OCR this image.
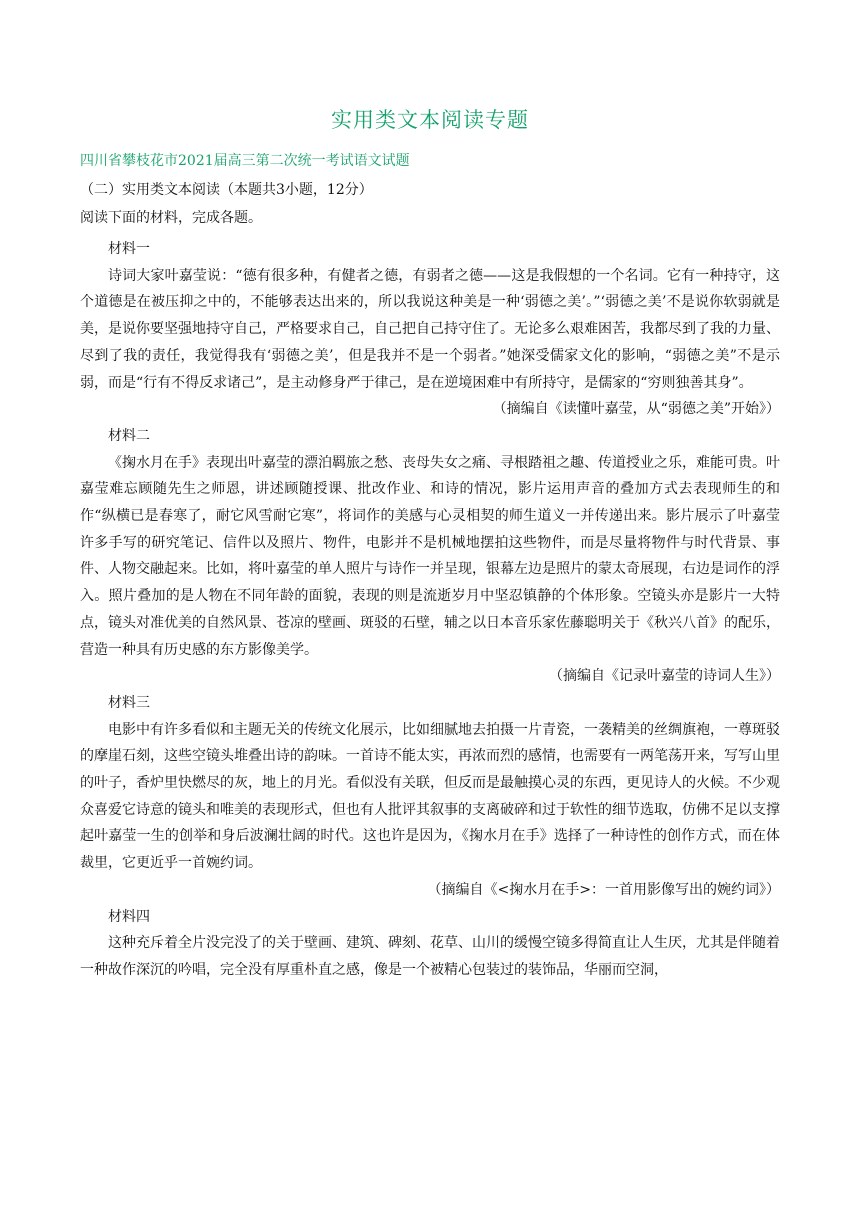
实用类文本阅读专题
四川省攀枝花市2021届高三第二次统一考试语文试题
（二）实用类文本阅读（本题共3小题，12分）
阅读下面的材料，完成各题。
材料一
诗词大家叶嘉莹说：“德有很多种，有健者之德，有弱者之德——这是我假想的一个名词。它有一种持守，这个道德是在被压抑之中的，不能够表达出来的，所以我说这种美是一种‘弱德之美’。”‘弱德之美’不是说你软弱就是美，是说你要坚强地持守自己，严格要求自己，自己把自己持守住了。无论多么艰难困苦，我都尽到了我的力量、尽到了我的责任，我觉得我有‘弱德之美’，但是我并不是一个弱者。”她深受儒家文化的影响，“弱德之美”不是示弱，而是“行有不得反求诸己”，是主动修身严于律己，是在逆境困难中有所持守，是儒家的“穷则独善其身”。
（摘编自《读懂叶嘉莹，从“弱德之美”开始》）
材料二
《掬水月在手》表现出叶嘉莹的漂泊羁旅之愁、丧母失女之痛、寻根踏祖之趣、传道授业之乐，难能可贵。叶嘉莹难忘顾随先生之师恩，讲述顾随授课、批改作业、和诗的情况，影片运用声音的叠加方式去表现师生的和作“纵横已是春寒了，耐它风雪耐它寒”，将词作的美感与心灵相契的师生道义一并传递出来。影片展示了叶嘉莹许多手写的研究笔记、信件以及照片、物件，电影并不是机械地摆拍这些物件，而是尽量将物件与时代背景、事件、人物交融起来。比如，将叶嘉莹的单人照片与诗作一并呈现，银幕左边是照片的蒙太奇展现，右边是词作的浮入。照片叠加的是人物在不同年龄的面貌，表现的则是流逝岁月中坚忍镇静的个体形象。空镜头亦是影片一大特点，镜头对准优美的自然风景、苍凉的壁画、斑驳的石壁，辅之以日本音乐家佐藤聪明关于《秋兴八首》的配乐，营造一种具有历史感的东方影像美学。
（摘编自《记录叶嘉莹的诗词人生》）
材料三
电影中有许多看似和主题无关的传统文化展示，比如细腻地去拍摄一片青瓷，一袭精美的丝绸旗袍，一尊斑驳的摩崖石刻，这些空镜头堆叠出诗的韵味。一首诗不能太实，再浓而烈的感情，也需要有一两笔荡开来，写写山里的叶子，香炉里快燃尽的灰，地上的月光。看似没有关联，但反而是最触摸心灵的东西，更见诗人的火候。不少观众喜爱它诗意的镜头和唯美的表现形式，但也有人批评其叙事的支离破碎和过于软性的细节选取，仿佛不足以支撑起叶嘉莹一生的创举和身后波澜壮阔的时代。这也许是因为，《掬水月在手》选择了一种诗性的创作方式，而在体裁里，它更近乎一首婉约词。
（摘编自《<掬水月在手>：一首用影像写出的婉约词》）
材料四
这种充斥着全片没完没了的关于壁画、建筑、碑刻、花草、山川的缓慢空镜多得简直让人生厌，尤其是伴随着一种故作深沉的吟唱，完全没有厚重朴直之感，像是一个被精心包装过的装饰品，华丽而空洞，
